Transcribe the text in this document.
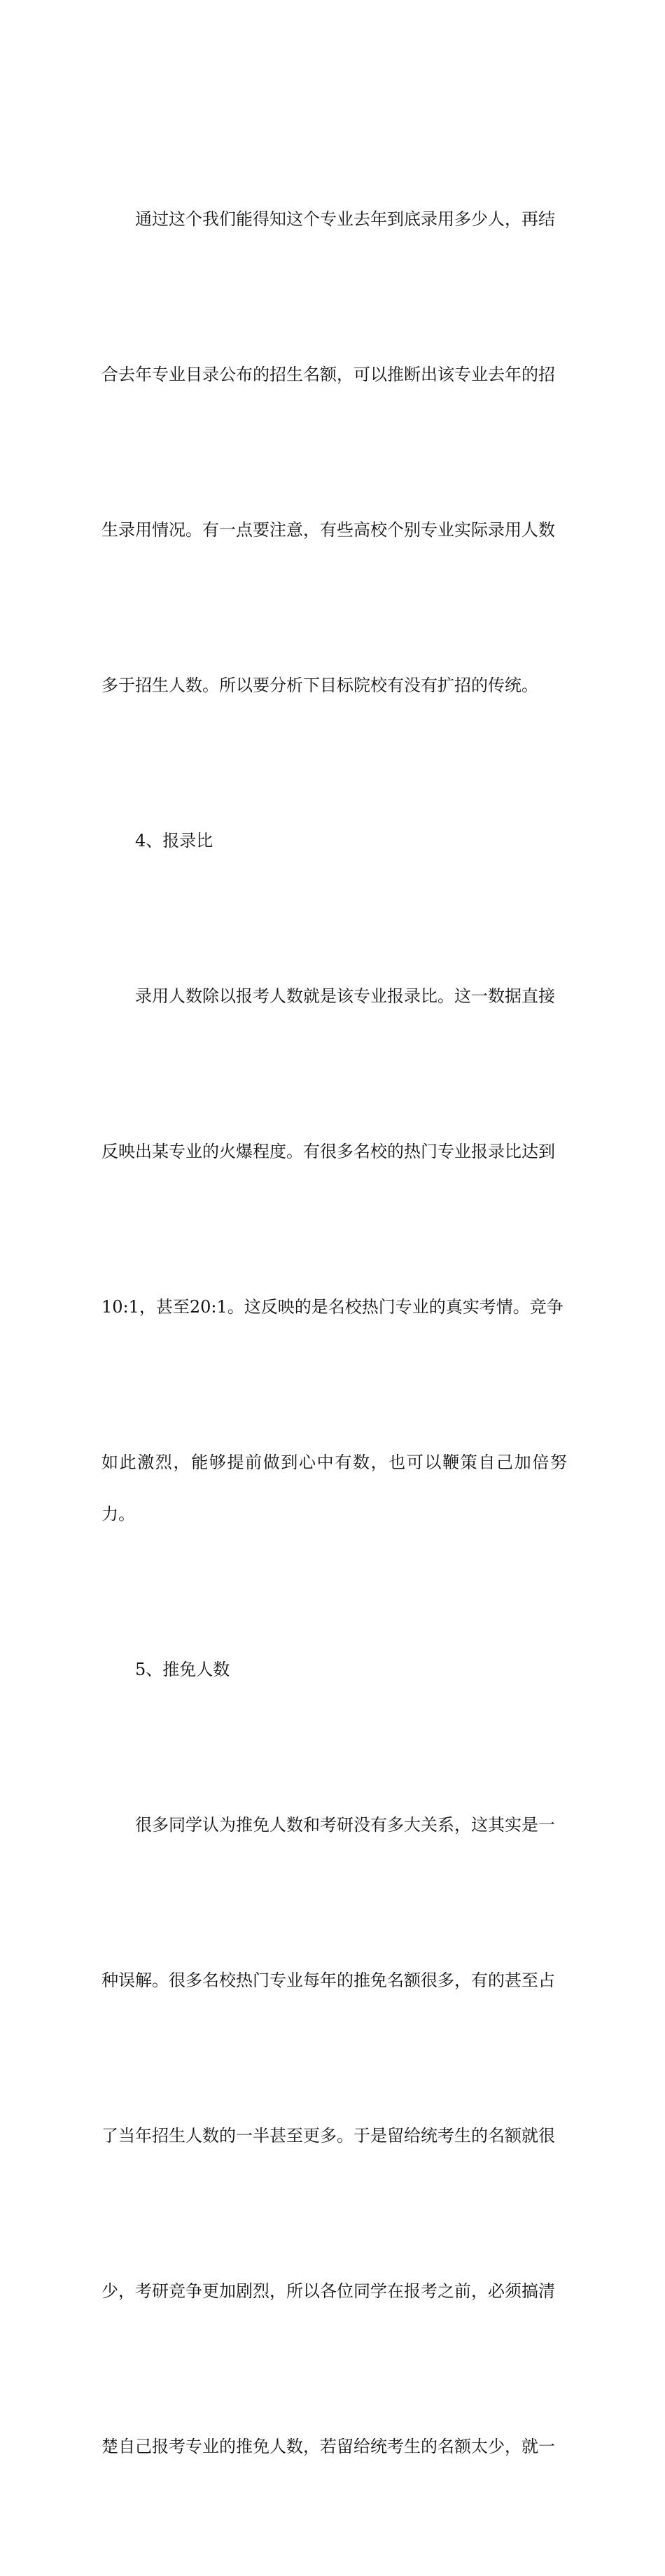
通过这个我们能得知这个专业去年到底录用多少人，再结

合去年专业目录公布的招生名额，可以推断出该专业去年的招

生录用情况。有一点要注意，有些高校个别专业实际录用人数

多于招生人数。所以要分析下目标院校有没有扩招的传统。

4、报录比

录用人数除以报考人数就是该专业报录比。这一数据直接

反映出某专业的火爆程度。有很多名校的热门专业报录比达到

10:1，甚至20:1。这反映的是名校热门专业的真实考情。竞争

如此激烈，能够提前做到心中有数，也可以鞭策自己加倍努力。

5、推免人数

很多同学认为推免人数和考研没有多大关系，这其实是一

种误解。很多名校热门专业每年的推免名额很多，有的甚至占

了当年招生人数的一半甚至更多。于是留给统考生的名额就很

少，考研竞争更加剧烈，所以各位同学在报考之前，必须搞清

楚自己报考专业的推免人数，若留给统考生的名额太少，就一
